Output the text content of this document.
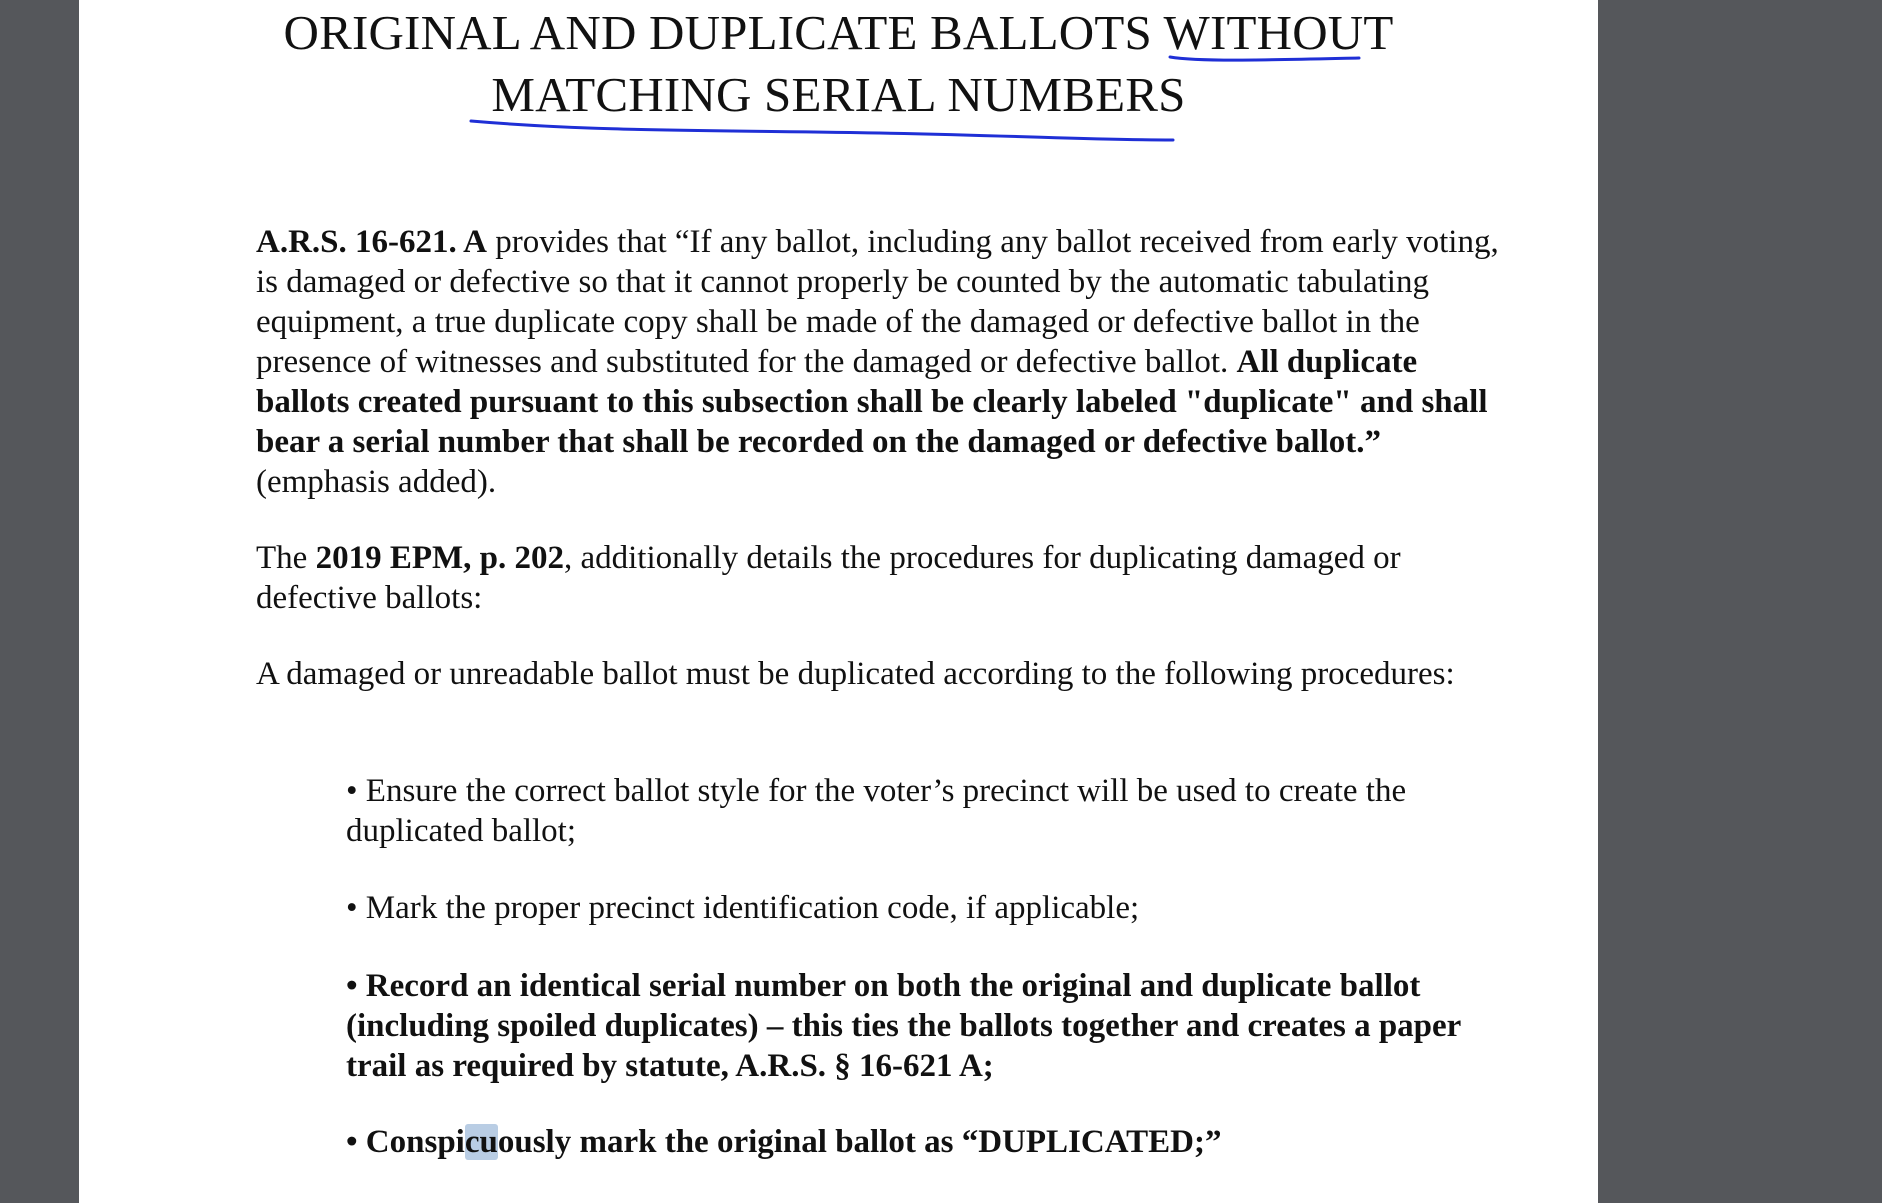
ORIGINAL AND DUPLICATE BALLOTS WITHOUT
MATCHING SERIAL NUMBERS

A.R.S. 16-621. A provides that “If any ballot, including any ballot received from early voting, is damaged or defective so that it cannot properly be counted by the automatic tabulating equipment, a true duplicate copy shall be made of the damaged or defective ballot in the presence of witnesses and substituted for the damaged or defective ballot. All duplicate ballots created pursuant to this subsection shall be clearly labeled "duplicate" and shall bear a serial number that shall be recorded on the damaged or defective ballot.” (emphasis added).

The 2019 EPM, p. 202, additionally details the procedures for duplicating damaged or defective ballots:

A damaged or unreadable ballot must be duplicated according to the following procedures:

• Ensure the correct ballot style for the voter’s precinct will be used to create the duplicated ballot;

• Mark the proper precinct identification code, if applicable;

• Record an identical serial number on both the original and duplicate ballot (including spoiled duplicates) – this ties the ballots together and creates a paper trail as required by statute, A.R.S. § 16-621 A;

• Conspicuously mark the original ballot as “DUPLICATED;”
